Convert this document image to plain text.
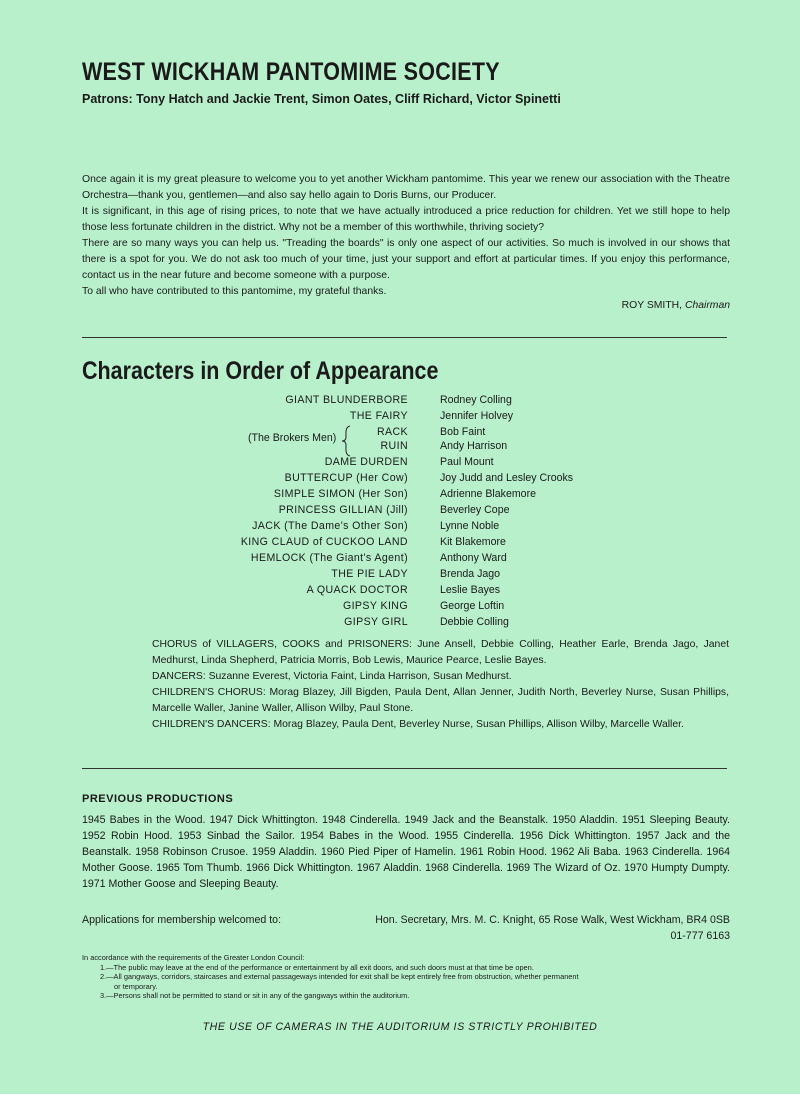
WEST WICKHAM PANTOMIME SOCIETY
Patrons: Tony Hatch and Jackie Trent, Simon Oates, Cliff Richard, Victor Spinetti

Once again it is my great pleasure to welcome you to yet another Wickham pantomime. This year we renew our association with the Theatre Orchestra—thank you, gentlemen—and also say hello again to Doris Burns, our Producer.

It is significant, in this age of rising prices, to note that we have actually introduced a price reduction for children. Yet we still hope to help those less fortunate children in the district. Why not be a member of this worthwhile, thriving society?

There are so many ways you can help us. "Treading the boards" is only one aspect of our activities. So much is involved in our shows that there is a spot for you. We do not ask too much of your time, just your support and effort at particular times. If you enjoy this performance, contact us in the near future and become someone with a purpose.

To all who have contributed to this pantomime, my grateful thanks.

ROY SMITH, Chairman
Characters in Order of Appearance
GIANT BLUNDERBORE	Rodney Colling
THE FAIRY	Jennifer Holvey
RACK	Bob Faint
RUIN	Andy Harrison
(The Brokers Men)
DAME DURDEN	Paul Mount
BUTTERCUP (Her Cow)	Joy Judd and Lesley Crooks
SIMPLE SIMON (Her Son)	Adrienne Blakemore
PRINCESS GILLIAN (Jill)	Beverley Cope
JACK (The Dame's Other Son)	Lynne Noble
KING CLAUD of CUCKOO LAND	Kit Blakemore
HEMLOCK (The Giant's Agent)	Anthony Ward
THE PIE LADY	Brenda Jago
A QUACK DOCTOR	Leslie Bayes
GIPSY KING	George Loftin
GIPSY GIRL	Debbie Colling

CHORUS of VILLAGERS, COOKS and PRISONERS: June Ansell, Debbie Colling, Heather Earle, Brenda Jago, Janet Medhurst, Linda Shepherd, Patricia Morris, Bob Lewis, Maurice Pearce, Leslie Bayes.

DANCERS: Suzanne Everest, Victoria Faint, Linda Harrison, Susan Medhurst.

CHILDREN'S CHORUS: Morag Blazey, Jill Bigden, Paula Dent, Allan Jenner, Judith North, Beverley Nurse, Susan Phillips, Marcelle Waller, Janine Waller, Allison Wilby, Paul Stone.

CHILDREN'S DANCERS: Morag Blazey, Paula Dent, Beverley Nurse, Susan Phillips, Allison Wilby, Marcelle Waller.

PREVIOUS PRODUCTIONS
1945 Babes in the Wood. 1947 Dick Whittington. 1948 Cinderella. 1949 Jack and the Beanstalk. 1950 Aladdin. 1951 Sleeping Beauty. 1952 Robin Hood. 1953 Sinbad the Sailor. 1954 Babes in the Wood. 1955 Cinderella. 1956 Dick Whittington. 1957 Jack and the Beanstalk. 1958 Robinson Crusoe. 1959 Aladdin. 1960 Pied Piper of Hamelin. 1961 Robin Hood. 1962 Ali Baba. 1963 Cinderella. 1964 Mother Goose. 1965 Tom Thumb. 1966 Dick Whittington. 1967 Aladdin. 1968 Cinderella. 1969 The Wizard of Oz. 1970 Humpty Dumpty. 1971 Mother Goose and Sleeping Beauty.
Applications for membership welcomed to:	Hon. Secretary, Mrs. M. C. Knight, 65 Rose Walk, West Wickham, BR4 0SB
01-777 6163

In accordance with the requirements of the Greater London Council:

1.—The public may leave at the end of the performance or entertainment by all exit doors, and such doors must at that time be open.

2.—All gangways, corridors, staircases and external passageways intended for exit shall be kept entirely free from obstruction, whether permanent

or temporary.

3.—Persons shall not be permitted to stand or sit in any of the gangways within the auditorium.

THE USE OF CAMERAS IN THE AUDITORIUM IS STRICTLY PROHIBITED
